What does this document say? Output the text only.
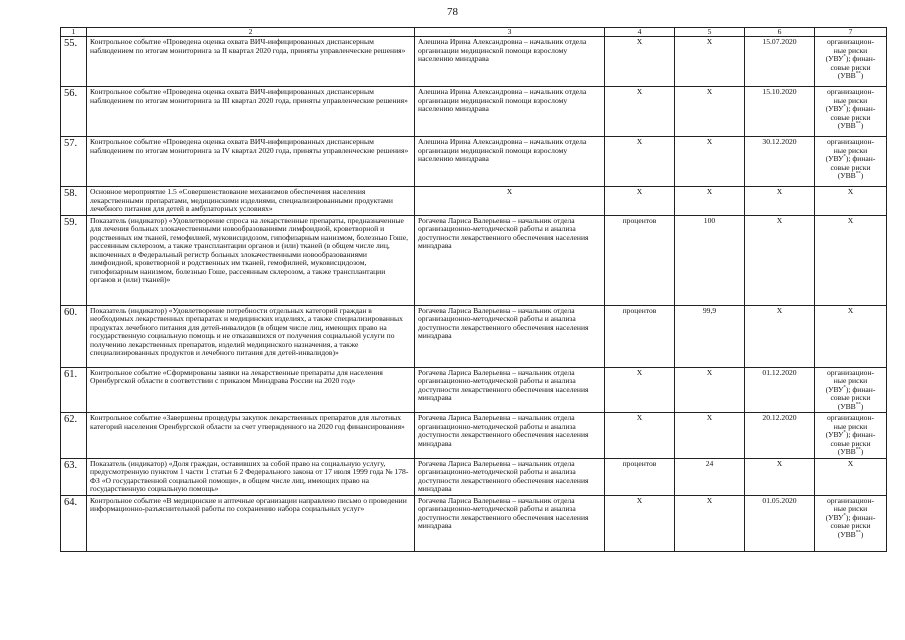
78
1	2	3	4	5	6	7
55.	Контрольное событие «Проведена оценка охвата ВИЧ-инфицированных диспансерным наблюдением по итогам мониторинга за II квартал 2020 года, приняты управленческие решения»	Алешина Ирина Александровна – начальник отдела организации медицинской помощи взрослому населению минздрава	X	X	15.07.2020	организацион-
ные риски
(УВУ*); финан-
совые риски
(УВВ**)

56.	Контрольное событие «Проведена оценка охвата ВИЧ-инфицированных диспансерным наблюдением по итогам мониторинга за III квартал 2020 года, приняты управленческие решения»	Алешина Ирина Александровна – начальник отдела организации медицинской помощи взрослому населению минздрава	X	X	15.10.2020	организацион-
ные риски
(УВУ*); финан-
совые риски
(УВВ**)

57.	Контрольное событие «Проведена оценка охвата ВИЧ-инфицированных диспансерным наблюдением по итогам мониторинга за IV квартал 2020 года, приняты управленческие решения»	Алешина Ирина Александровна – начальник отдела организации медицинской помощи взрослому населению минздрава	X	X	30.12.2020	организацион-
ные риски
(УВУ*); финан-
совые риски
(УВВ**)

58.	Основное мероприятие 1.5 «Совершенствование механизмов обеспечения населения лекарственными препаратами, медицинскими изделиями, специализированными продуктами лечебного питания для детей в амбулаторных условиях»	X	X	X	X	X
59.	Показатель (индикатор) «Удовлетворение спроса на лекарственные препараты, предназначенные для лечения больных злокачественными новообразованиями лимфоидной, кроветворной и родственных им тканей, гемофилией, муковисцидозом, гипофизарным нанизмом, болезнью Гоше, рассеянным склерозом, а также трансплантации органов и (или) тканей (в общем числе лиц, включенных в Федеральный регистр больных злокачественными новообразованиями лимфоидной, кроветворной и родственных им тканей, гемофилией, муковисцидозом, гипофизарным нанизмом, болезнью Гоше, рассеянным склерозом, а также трансплантации органов и (или) тканей)»	Рогачева Лариса Валерьевна – начальник отдела организационно-методической работы и анализа доступности лекарственного обеспечения населения минздрава	процентов	100	X	X
60.	Показатель (индикатор) «Удовлетворение потребности отдельных категорий граждан в необходимых лекарственных препаратах и медицинских изделиях, а также специализированных продуктах лечебного питания для детей-инвалидов (в общем числе лиц, имеющих право на государственную социальную помощь и не отказавшихся от получения социальной услуги по получению лекарственных препаратов, изделий медицинского назначения, а также специализированных продуктов и лечебного питания для детей-инвалидов)»	Рогачева Лариса Валерьевна – начальник отдела организационно-методической работы и анализа доступности лекарственного обеспечения населения минздрава	процентов	99,9	X	X
61.	Контрольное событие «Сформированы заявки на лекарственные препараты для населения Оренбургской области в соответствии с приказом Минздрава России на 2020 год»	Рогачева Лариса Валерьевна – начальник отдела организационно-методической работы и анализа доступности лекарственного обеспечения населения минздрава	X	X	01.12.2020	организацион-
ные риски
(УВУ*); финан-
совые риски
(УВВ**)

62.	Контрольное событие «Завершены процедуры закупок лекарственных препаратов для льготных категорий населения Оренбургской области за счет утвержденного на 2020 год финансирования»	Рогачева Лариса Валерьевна – начальник отдела организационно-методической работы и анализа доступности лекарственного обеспечения населения минздрава	X	X	20.12.2020	организацион-
ные риски
(УВУ*); финан-
совые риски
(УВВ**)

63.	Показатель (индикатор) «Доля граждан, оставивших за собой право на социальную услугу, предусмотренную пунктом 1 части 1 статьи 6 2 Федерального закона от 17 июля 1999 года № 178-ФЗ «О государственной социальной помощи», в общем числе лиц, имеющих право на государственную социальную помощь»	Рогачева Лариса Валерьевна – начальник отдела организационно-методической работы и анализа доступности лекарственного обеспечения населения минздрава	процентов	24	X	X
64.	Контрольное событие «В медицинские и аптечные организации направлено письмо о проведении информационно-разъяснительной работы по сохранению набора социальных услуг»	Рогачева Лариса Валерьевна – начальник отдела организационно-методической работы и анализа доступности лекарственного обеспечения населения минздрава	X	X	01.05.2020	организацион-
ные риски
(УВУ*); финан-
совые риски
(УВВ**)
